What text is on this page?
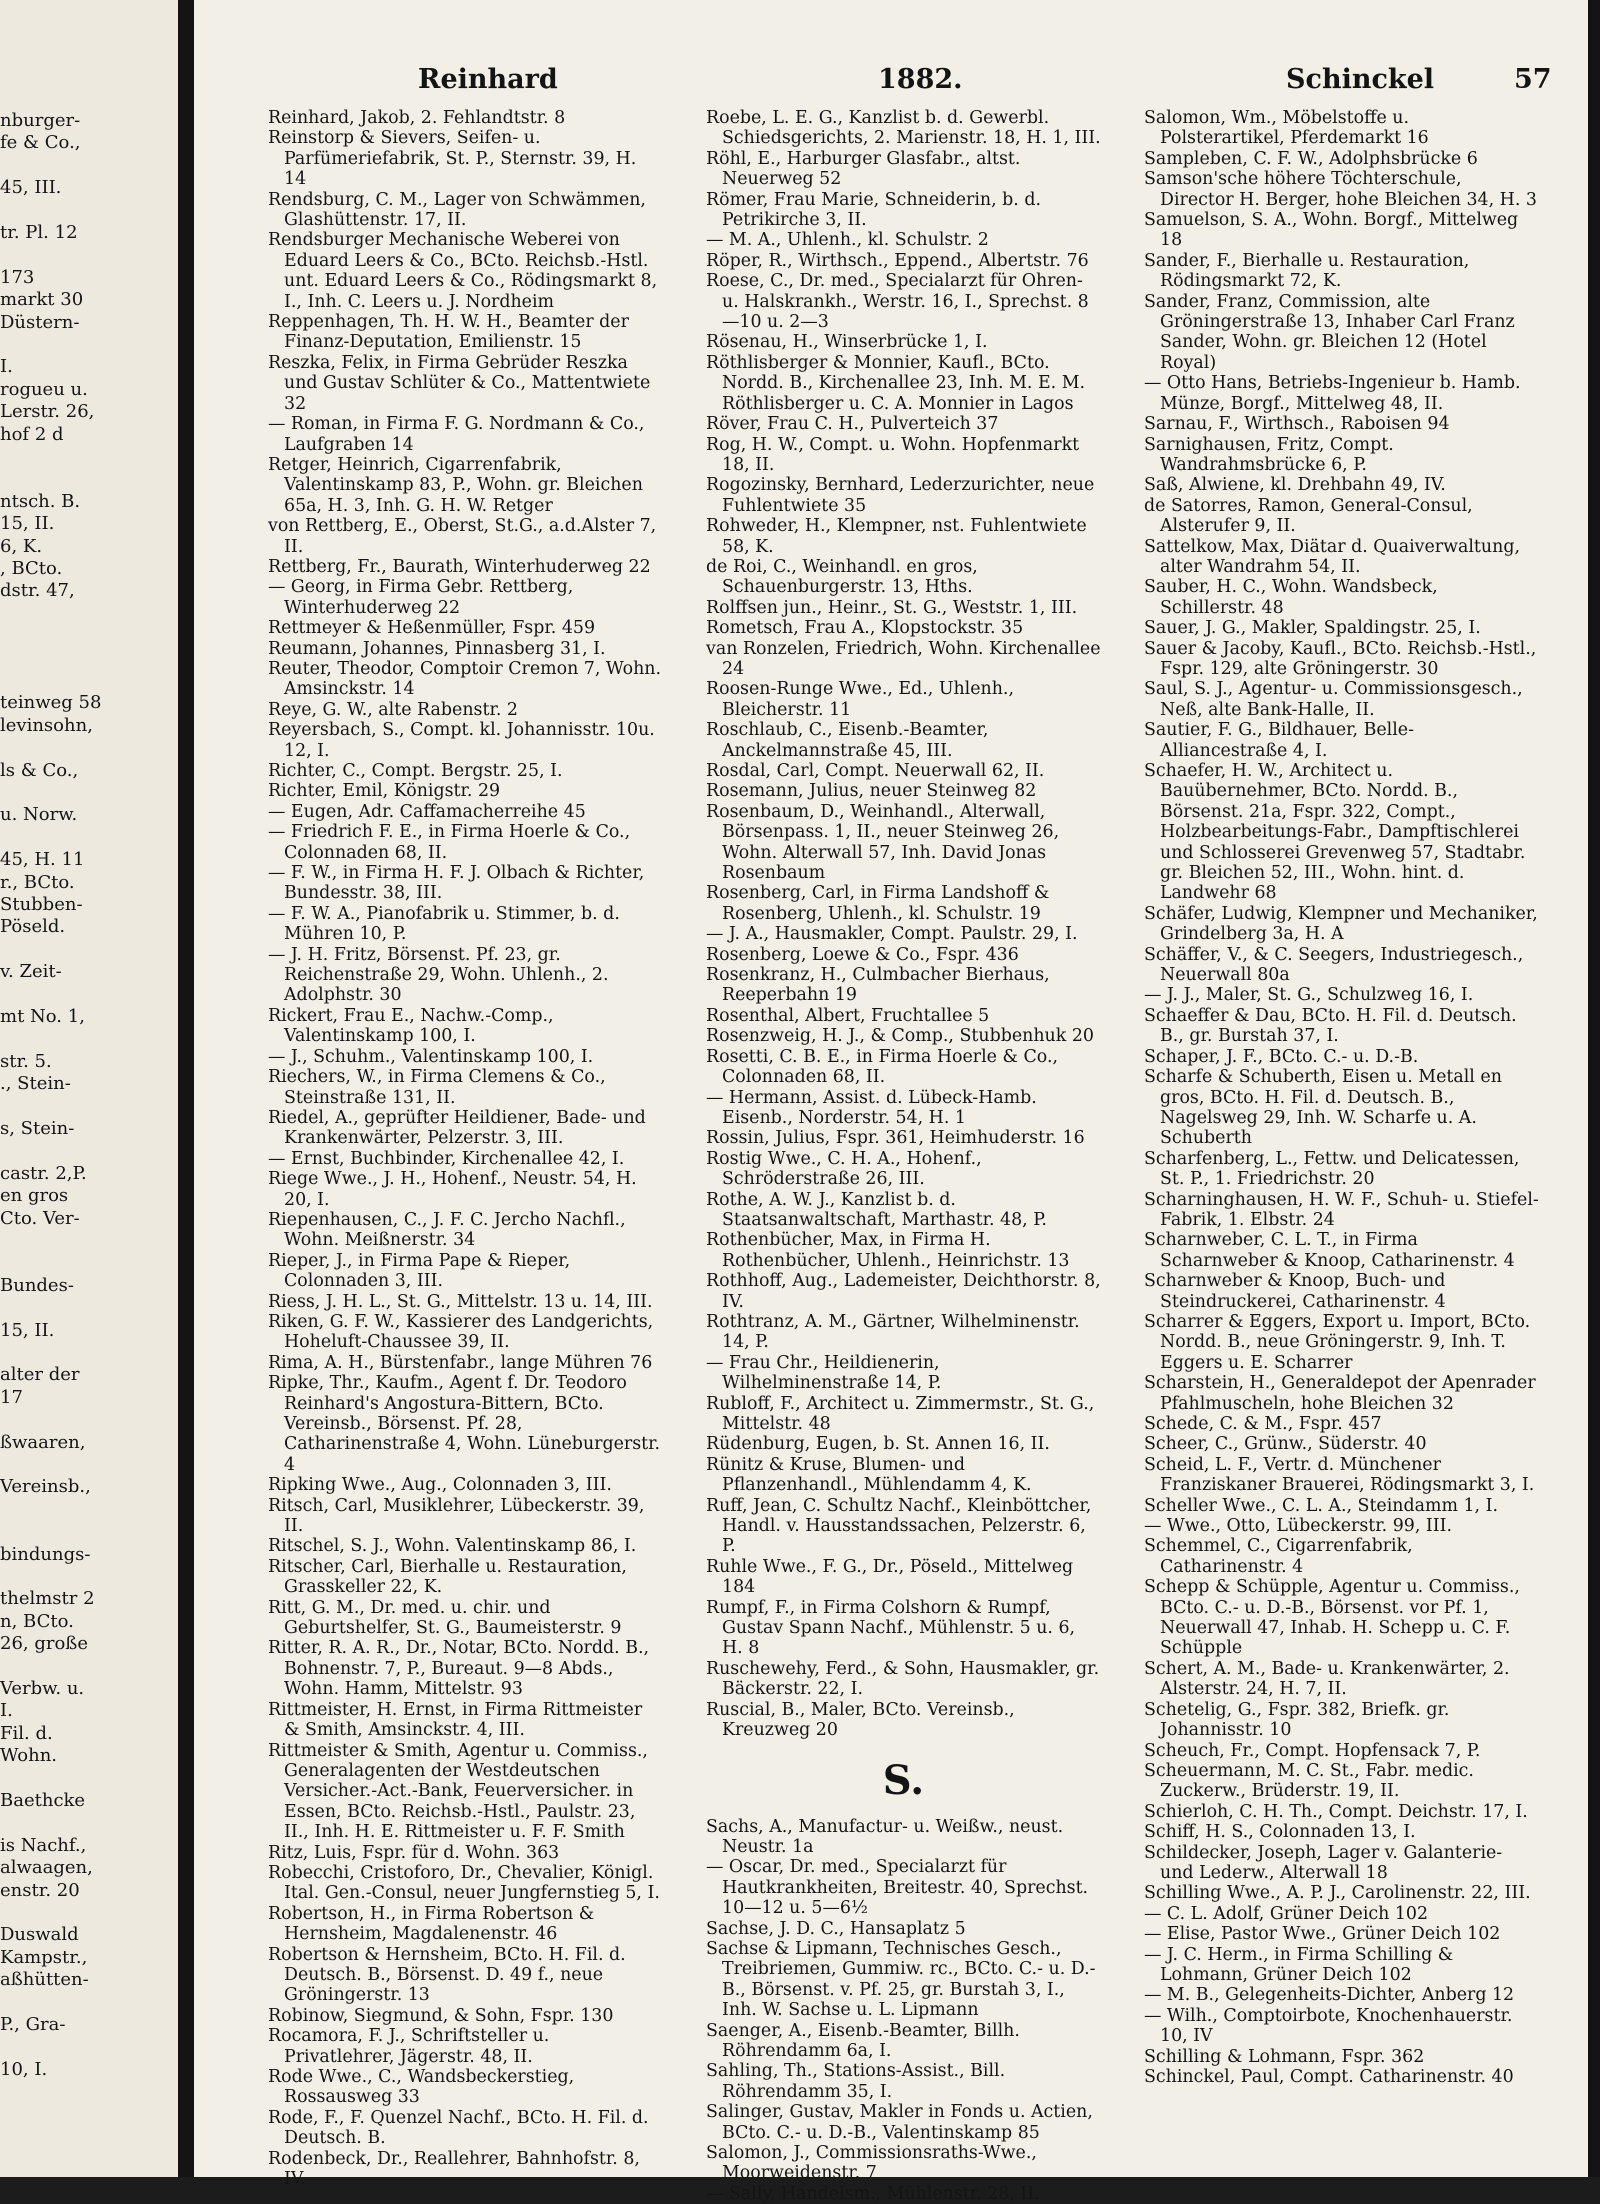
nburger-
fe & Co.,
45, III.
tr. Pl. 12
173
markt 30
Düstern-
I.
rogueu u.
Lerstr. 26,
hof 2 d
ntsch. B.
15, II.
6, K.
, BCto.
dstr. 47,
teinweg 58
levinsohn,
ls & Co.,
u. Norw.
45, H. 11
r., BCto.
Stubben-
Pöseld.
v. Zeit-
mt No. 1,
str. 5.
., Stein-
s, Stein-
castr. 2,P.
en gros
Cto. Ver-
Bundes-
15, II.
alter der
17
ßwaaren,
Vereinsb.,
bindungs-
thelmstr 2
n, BCto.
26, große
Verbw. u.
I.
Fil. d.
Wohn.
Baethcke
is Nachf.,
alwaagen,
enstr. 20
Duswald
Kampstr.,
aßhütten-
P., Gra-
10, I.
Reinhard	1882.	Schinckel	57

Reinhard, Jakob, 2. Fehlandtstr. 8

Reinstorp & Sievers, Seifen- u. Parfümeriefabrik, St. P., Sternstr. 39, H. 14

Rendsburg, C. M., Lager von Schwämmen, Glashüttenstr. 17, II.

Rendsburger Mechanische Weberei von Eduard Leers & Co., BCto. Reichsb.-Hstl. unt. Eduard Leers & Co., Rödingsmarkt 8, I., Inh. C. Leers u. J. Nordheim

Reppenhagen, Th. H. W. H., Beamter der Finanz-Deputation, Emilienstr. 15

Reszka, Felix, in Firma Gebrüder Reszka und Gustav Schlüter & Co., Mattentwiete 32

— Roman, in Firma F. G. Nordmann & Co., Laufgraben 14

Retger, Heinrich, Cigarrenfabrik, Valentinskamp 83, P., Wohn. gr. Bleichen 65a, H. 3, Inh. G. H. W. Retger

von Rettberg, E., Oberst, St.G., a.d.Alster 7, II.

Rettberg, Fr., Baurath, Winterhuderweg 22

— Georg, in Firma Gebr. Rettberg, Winterhuderweg 22

Rettmeyer & Heßenmüller, Fspr. 459

Reumann, Johannes, Pinnasberg 31, I.

Reuter, Theodor, Comptoir Cremon 7, Wohn. Amsinckstr. 14

Reye, G. W., alte Rabenstr. 2

Reyersbach, S., Compt. kl. Johannisstr. 10u. 12, I.

Richter, C., Compt. Bergstr. 25, I.

Richter, Emil, Königstr. 29

— Eugen, Adr. Caffamacherreihe 45

— Friedrich F. E., in Firma Hoerle & Co., Colonnaden 68, II.

— F. W., in Firma H. F. J. Olbach & Richter, Bundesstr. 38, III.

— F. W. A., Pianofabrik u. Stimmer, b. d. Mühren 10, P.

— J. H. Fritz, Börsenst. Pf. 23, gr. Reichenstraße 29, Wohn. Uhlenh., 2. Adolphstr. 30

Rickert, Frau E., Nachw.-Comp., Valentinskamp 100, I.

— J., Schuhm., Valentinskamp 100, I.

Riechers, W., in Firma Clemens & Co., Steinstraße 131, II.

Riedel, A., geprüfter Heildiener, Bade- und Krankenwärter, Pelzerstr. 3, III.

— Ernst, Buchbinder, Kirchenallee 42, I.

Riege Wwe., J. H., Hohenf., Neustr. 54, H. 20, I.

Riepenhausen, C., J. F. C. Jercho Nachfl., Wohn. Meißnerstr. 34

Rieper, J., in Firma Pape & Rieper, Colonnaden 3, III.

Riess, J. H. L., St. G., Mittelstr. 13 u. 14, III.

Riken, G. F. W., Kassierer des Landgerichts, Hoheluft-Chaussee 39, II.

Rima, A. H., Bürstenfabr., lange Mühren 76

Ripke, Thr., Kaufm., Agent f. Dr. Teodoro Reinhard's Angostura-Bittern, BCto. Vereinsb., Börsenst. Pf. 28, Catharinenstraße 4, Wohn. Lüneburgerstr. 4

Ripking Wwe., Aug., Colonnaden 3, III.

Ritsch, Carl, Musiklehrer, Lübeckerstr. 39, II.

Ritschel, S. J., Wohn. Valentinskamp 86, I.

Ritscher, Carl, Bierhalle u. Restauration, Grasskeller 22, K.

Ritt, G. M., Dr. med. u. chir. und Geburtshelfer, St. G., Baumeisterstr. 9

Ritter, R. A. R., Dr., Notar, BCto. Nordd. B., Bohnenstr. 7, P., Bureaut. 9—8 Abds., Wohn. Hamm, Mittelstr. 93

Rittmeister, H. Ernst, in Firma Rittmeister & Smith, Amsinckstr. 4, III.

Rittmeister & Smith, Agentur u. Commiss., Generalagenten der Westdeutschen Versicher.-Act.-Bank, Feuerversicher. in Essen, BCto. Reichsb.-Hstl., Paulstr. 23, II., Inh. H. E. Rittmeister u. F. F. Smith

Ritz, Luis, Fspr. für d. Wohn. 363

Robecchi, Cristoforo, Dr., Chevalier, Königl. Ital. Gen.-Consul, neuer Jungfernstieg 5, I.

Robertson, H., in Firma Robertson & Hernsheim, Magdalenenstr. 46

Robertson & Hernsheim, BCto. H. Fil. d. Deutsch. B., Börsenst. D. 49 f., neue Gröningerstr. 13

Robinow, Siegmund, & Sohn, Fspr. 130

Rocamora, F. J., Schriftsteller u. Privatlehrer, Jägerstr. 48, II.

Rode Wwe., C., Wandsbeckerstieg, Rossausweg 33

Rode, F., F. Quenzel Nachf., BCto. H. Fil. d. Deutsch. B.

Rodenbeck, Dr., Reallehrer, Bahnhofstr. 8, IV.

Roebe, L. E. G., Kanzlist b. d. Gewerbl. Schiedsgerichts, 2. Marienstr. 18, H. 1, III.

Röhl, E., Harburger Glasfabr., altst. Neuerweg 52

Römer, Frau Marie, Schneiderin, b. d. Petrikirche 3, II.

— M. A., Uhlenh., kl. Schulstr. 2

Röper, R., Wirthsch., Eppend., Albertstr. 76

Roese, C., Dr. med., Specialarzt für Ohren- u. Halskrankh., Werstr. 16, I., Sprechst. 8—10 u. 2—3

Rösenau, H., Winserbrücke 1, I.

Röthlisberger & Monnier, Kaufl., BCto. Nordd. B., Kirchenallee 23, Inh. M. E. M. Röthlisberger u. C. A. Monnier in Lagos

Röver, Frau C. H., Pulverteich 37

Rog, H. W., Compt. u. Wohn. Hopfenmarkt 18, II.

Rogozinsky, Bernhard, Lederzurichter, neue Fuhlentwiete 35

Rohweder, H., Klempner, nst. Fuhlentwiete 58, K.

de Roi, C., Weinhandl. en gros, Schauenburgerstr. 13, Hths.

Rolffsen jun., Heinr., St. G., Weststr. 1, III.

Rometsch, Frau A., Klopstockstr. 35

van Ronzelen, Friedrich, Wohn. Kirchenallee 24

Roosen-Runge Wwe., Ed., Uhlenh., Bleicherstr. 11

Roschlaub, C., Eisenb.-Beamter, Anckelmannstraße 45, III.

Rosdal, Carl, Compt. Neuerwall 62, II.

Rosemann, Julius, neuer Steinweg 82

Rosenbaum, D., Weinhandl., Alterwall, Börsenpass. 1, II., neuer Steinweg 26, Wohn. Alterwall 57, Inh. David Jonas Rosenbaum

Rosenberg, Carl, in Firma Landshoff & Rosenberg, Uhlenh., kl. Schulstr. 19

— J. A., Hausmakler, Compt. Paulstr. 29, I.

Rosenberg, Loewe & Co., Fspr. 436

Rosenkranz, H., Culmbacher Bierhaus, Reeperbahn 19

Rosenthal, Albert, Fruchtallee 5

Rosenzweig, H. J., & Comp., Stubbenhuk 20

Rosetti, C. B. E., in Firma Hoerle & Co., Colonnaden 68, II.

— Hermann, Assist. d. Lübeck-Hamb. Eisenb., Norderstr. 54, H. 1

Rossin, Julius, Fspr. 361, Heimhuderstr. 16

Rostig Wwe., C. H. A., Hohenf., Schröderstraße 26, III.

Rothe, A. W. J., Kanzlist b. d. Staatsanwaltschaft, Marthastr. 48, P.

Rothenbücher, Max, in Firma H. Rothenbücher, Uhlenh., Heinrichstr. 13

Rothhoff, Aug., Lademeister, Deichthorstr. 8, IV.

Rothtranz, A. M., Gärtner, Wilhelminenstr. 14, P.

— Frau Chr., Heildienerin, Wilhelminenstraße 14, P.

Rubloff, F., Architect u. Zimmermstr., St. G., Mittelstr. 48

Rüdenburg, Eugen, b. St. Annen 16, II.

Rünitz & Kruse, Blumen- und Pflanzenhandl., Mühlendamm 4, K.

Ruff, Jean, C. Schultz Nachf., Kleinböttcher, Handl. v. Hausstandssachen, Pelzerstr. 6, P.

Ruhle Wwe., F. G., Dr., Pöseld., Mittelweg 184

Rumpf, F., in Firma Colshorn & Rumpf, Gustav Spann Nachf., Mühlenstr. 5 u. 6, H. 8

Ruschewehy, Ferd., & Sohn, Hausmakler, gr. Bäckerstr. 22, I.

Ruscial, B., Maler, BCto. Vereinsb., Kreuzweg 20

S.

Sachs, A., Manufactur- u. Weißw., neust. Neustr. 1a

— Oscar, Dr. med., Specialarzt für Hautkrankheiten, Breitestr. 40, Sprechst. 10—12 u. 5—6½

Sachse, J. D. C., Hansaplatz 5

Sachse & Lipmann, Technisches Gesch., Treibriemen, Gummiw. rc., BCto. C.- u. D.-B., Börsenst. v. Pf. 25, gr. Burstah 3, I., Inh. W. Sachse u. L. Lipmann

Saenger, A., Eisenb.-Beamter, Billh. Röhrendamm 6a, I.

Sahling, Th., Stations-Assist., Bill. Röhrendamm 35, I.

Salinger, Gustav, Makler in Fonds u. Actien, BCto. C.- u. D.-B., Valentinskamp 85

Salomon, J., Commissionsraths-Wwe., Moorweidenstr. 7

— Sally, Handelsm., Mühlenstr. 28, II.

Salomon, Wm., Möbelstoffe u. Polsterartikel, Pferdemarkt 16

Sampleben, C. F. W., Adolphsbrücke 6

Samson'sche höhere Töchterschule, Director H. Berger, hohe Bleichen 34, H. 3

Samuelson, S. A., Wohn. Borgf., Mittelweg 18

Sander, F., Bierhalle u. Restauration, Rödingsmarkt 72, K.

Sander, Franz, Commission, alte Gröningerstraße 13, Inhaber Carl Franz Sander, Wohn. gr. Bleichen 12 (Hotel Royal)

— Otto Hans, Betriebs-Ingenieur b. Hamb. Münze, Borgf., Mittelweg 48, II.

Sarnau, F., Wirthsch., Raboisen 94

Sarnighausen, Fritz, Compt. Wandrahmsbrücke 6, P.

Saß, Alwiene, kl. Drehbahn 49, IV.

de Satorres, Ramon, General-Consul, Alsterufer 9, II.

Sattelkow, Max, Diätar d. Quaiverwaltung, alter Wandrahm 54, II.

Sauber, H. C., Wohn. Wandsbeck, Schillerstr. 48

Sauer, J. G., Makler, Spaldingstr. 25, I.

Sauer & Jacoby, Kaufl., BCto. Reichsb.-Hstl., Fspr. 129, alte Gröningerstr. 30

Saul, S. J., Agentur- u. Commissionsgesch., Neß, alte Bank-Halle, II.

Sautier, F. G., Bildhauer, Belle-Alliancestraße 4, I.

Schaefer, H. W., Architect u. Bauübernehmer, BCto. Nordd. B., Börsenst. 21a, Fspr. 322, Compt., Holzbearbeitungs-Fabr., Dampftischlerei und Schlosserei Grevenweg 57, Stadtabr. gr. Bleichen 52, III., Wohn. hint. d. Landwehr 68

Schäfer, Ludwig, Klempner und Mechaniker, Grindelberg 3a, H. A

Schäffer, V., & C. Seegers, Industriegesch., Neuerwall 80a

— J. J., Maler, St. G., Schulzweg 16, I.

Schaeffer & Dau, BCto. H. Fil. d. Deutsch. B., gr. Burstah 37, I.

Schaper, J. F., BCto. C.- u. D.-B.

Scharfe & Schuberth, Eisen u. Metall en gros, BCto. H. Fil. d. Deutsch. B., Nagelsweg 29, Inh. W. Scharfe u. A. Schuberth

Scharfenberg, L., Fettw. und Delicatessen, St. P., 1. Friedrichstr. 20

Scharninghausen, H. W. F., Schuh- u. Stiefel-Fabrik, 1. Elbstr. 24

Scharnweber, C. L. T., in Firma Scharnweber & Knoop, Catharinenstr. 4

Scharnweber & Knoop, Buch- und Steindruckerei, Catharinenstr. 4

Scharrer & Eggers, Export u. Import, BCto. Nordd. B., neue Gröningerstr. 9, Inh. T. Eggers u. E. Scharrer

Scharstein, H., Generaldepot der Apenrader Pfahlmuscheln, hohe Bleichen 32

Schede, C. & M., Fspr. 457

Scheer, C., Grünw., Süderstr. 40

Scheid, L. F., Vertr. d. Münchener Franziskaner Brauerei, Rödingsmarkt 3, I.

Scheller Wwe., C. L. A., Steindamm 1, I.

— Wwe., Otto, Lübeckerstr. 99, III.

Schemmel, C., Cigarrenfabrik, Catharinenstr. 4

Schepp & Schüpple, Agentur u. Commiss., BCto. C.- u. D.-B., Börsenst. vor Pf. 1, Neuerwall 47, Inhab. H. Schepp u. C. F. Schüpple

Schert, A. M., Bade- u. Krankenwärter, 2. Alsterstr. 24, H. 7, II.

Schetelig, G., Fspr. 382, Briefk. gr. Johannisstr. 10

Scheuch, Fr., Compt. Hopfensack 7, P.

Scheuermann, M. C. St., Fabr. medic. Zuckerw., Brüderstr. 19, II.

Schierloh, C. H. Th., Compt. Deichstr. 17, I.

Schiff, H. S., Colonnaden 13, I.

Schildecker, Joseph, Lager v. Galanterie- und Lederw., Alterwall 18

Schilling Wwe., A. P. J., Carolinenstr. 22, III.

— C. L. Adolf, Grüner Deich 102

— Elise, Pastor Wwe., Grüner Deich 102

— J. C. Herm., in Firma Schilling & Lohmann, Grüner Deich 102

— M. B., Gelegenheits-Dichter, Anberg 12

— Wilh., Comptoirbote, Knochenhauerstr. 10, IV

Schilling & Lohmann, Fspr. 362

Schinckel, Paul, Compt. Catharinenstr. 40
